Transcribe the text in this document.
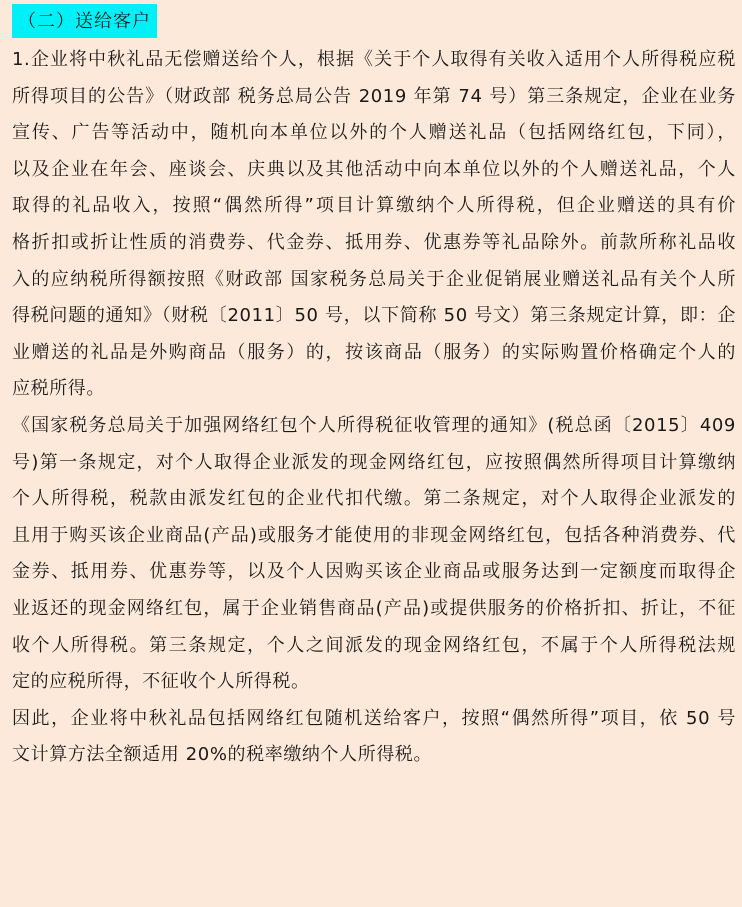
（二）送给客户
1.企业将中秋礼品无偿赠送给个人，根据《关于个人取得有关收入适用个人所得税应税
所得项目的公告》（财政部 税务总局公告 2019 年第 74 号）第三条规定，企业在业务
宣传、广告等活动中，随机向本单位以外的个人赠送礼品（包括网络红包，下同），
以及企业在年会、座谈会、庆典以及其他活动中向本单位以外的个人赠送礼品，个人
取得的礼品收入，按照“偶然所得”项目计算缴纳个人所得税，但企业赠送的具有价
格折扣或折让性质的消费券、代金券、抵用券、优惠券等礼品除外。前款所称礼品收
入的应纳税所得额按照《财政部 国家税务总局关于企业促销展业赠送礼品有关个人所
得税问题的通知》（财税〔2011〕50 号，以下简称 50 号文）第三条规定计算，即：企
业赠送的礼品是外购商品（服务）的，按该商品（服务）的实际购置价格确定个人的
应税所得。
《国家税务总局关于加强网络红包个人所得税征收管理的通知》(税总函〔2015〕409
号)第一条规定，对个人取得企业派发的现金网络红包，应按照偶然所得项目计算缴纳
个人所得税，税款由派发红包的企业代扣代缴。第二条规定，对个人取得企业派发的
且用于购买该企业商品(产品)或服务才能使用的非现金网络红包，包括各种消费券、代
金券、抵用券、优惠券等，以及个人因购买该企业商品或服务达到一定额度而取得企
业返还的现金网络红包，属于企业销售商品(产品)或提供服务的价格折扣、折让，不征
收个人所得税。第三条规定，个人之间派发的现金网络红包，不属于个人所得税法规
定的应税所得，不征收个人所得税。
因此，企业将中秋礼品包括网络红包随机送给客户，按照“偶然所得”项目，依 50 号
文计算方法全额适用 20%的税率缴纳个人所得税。
